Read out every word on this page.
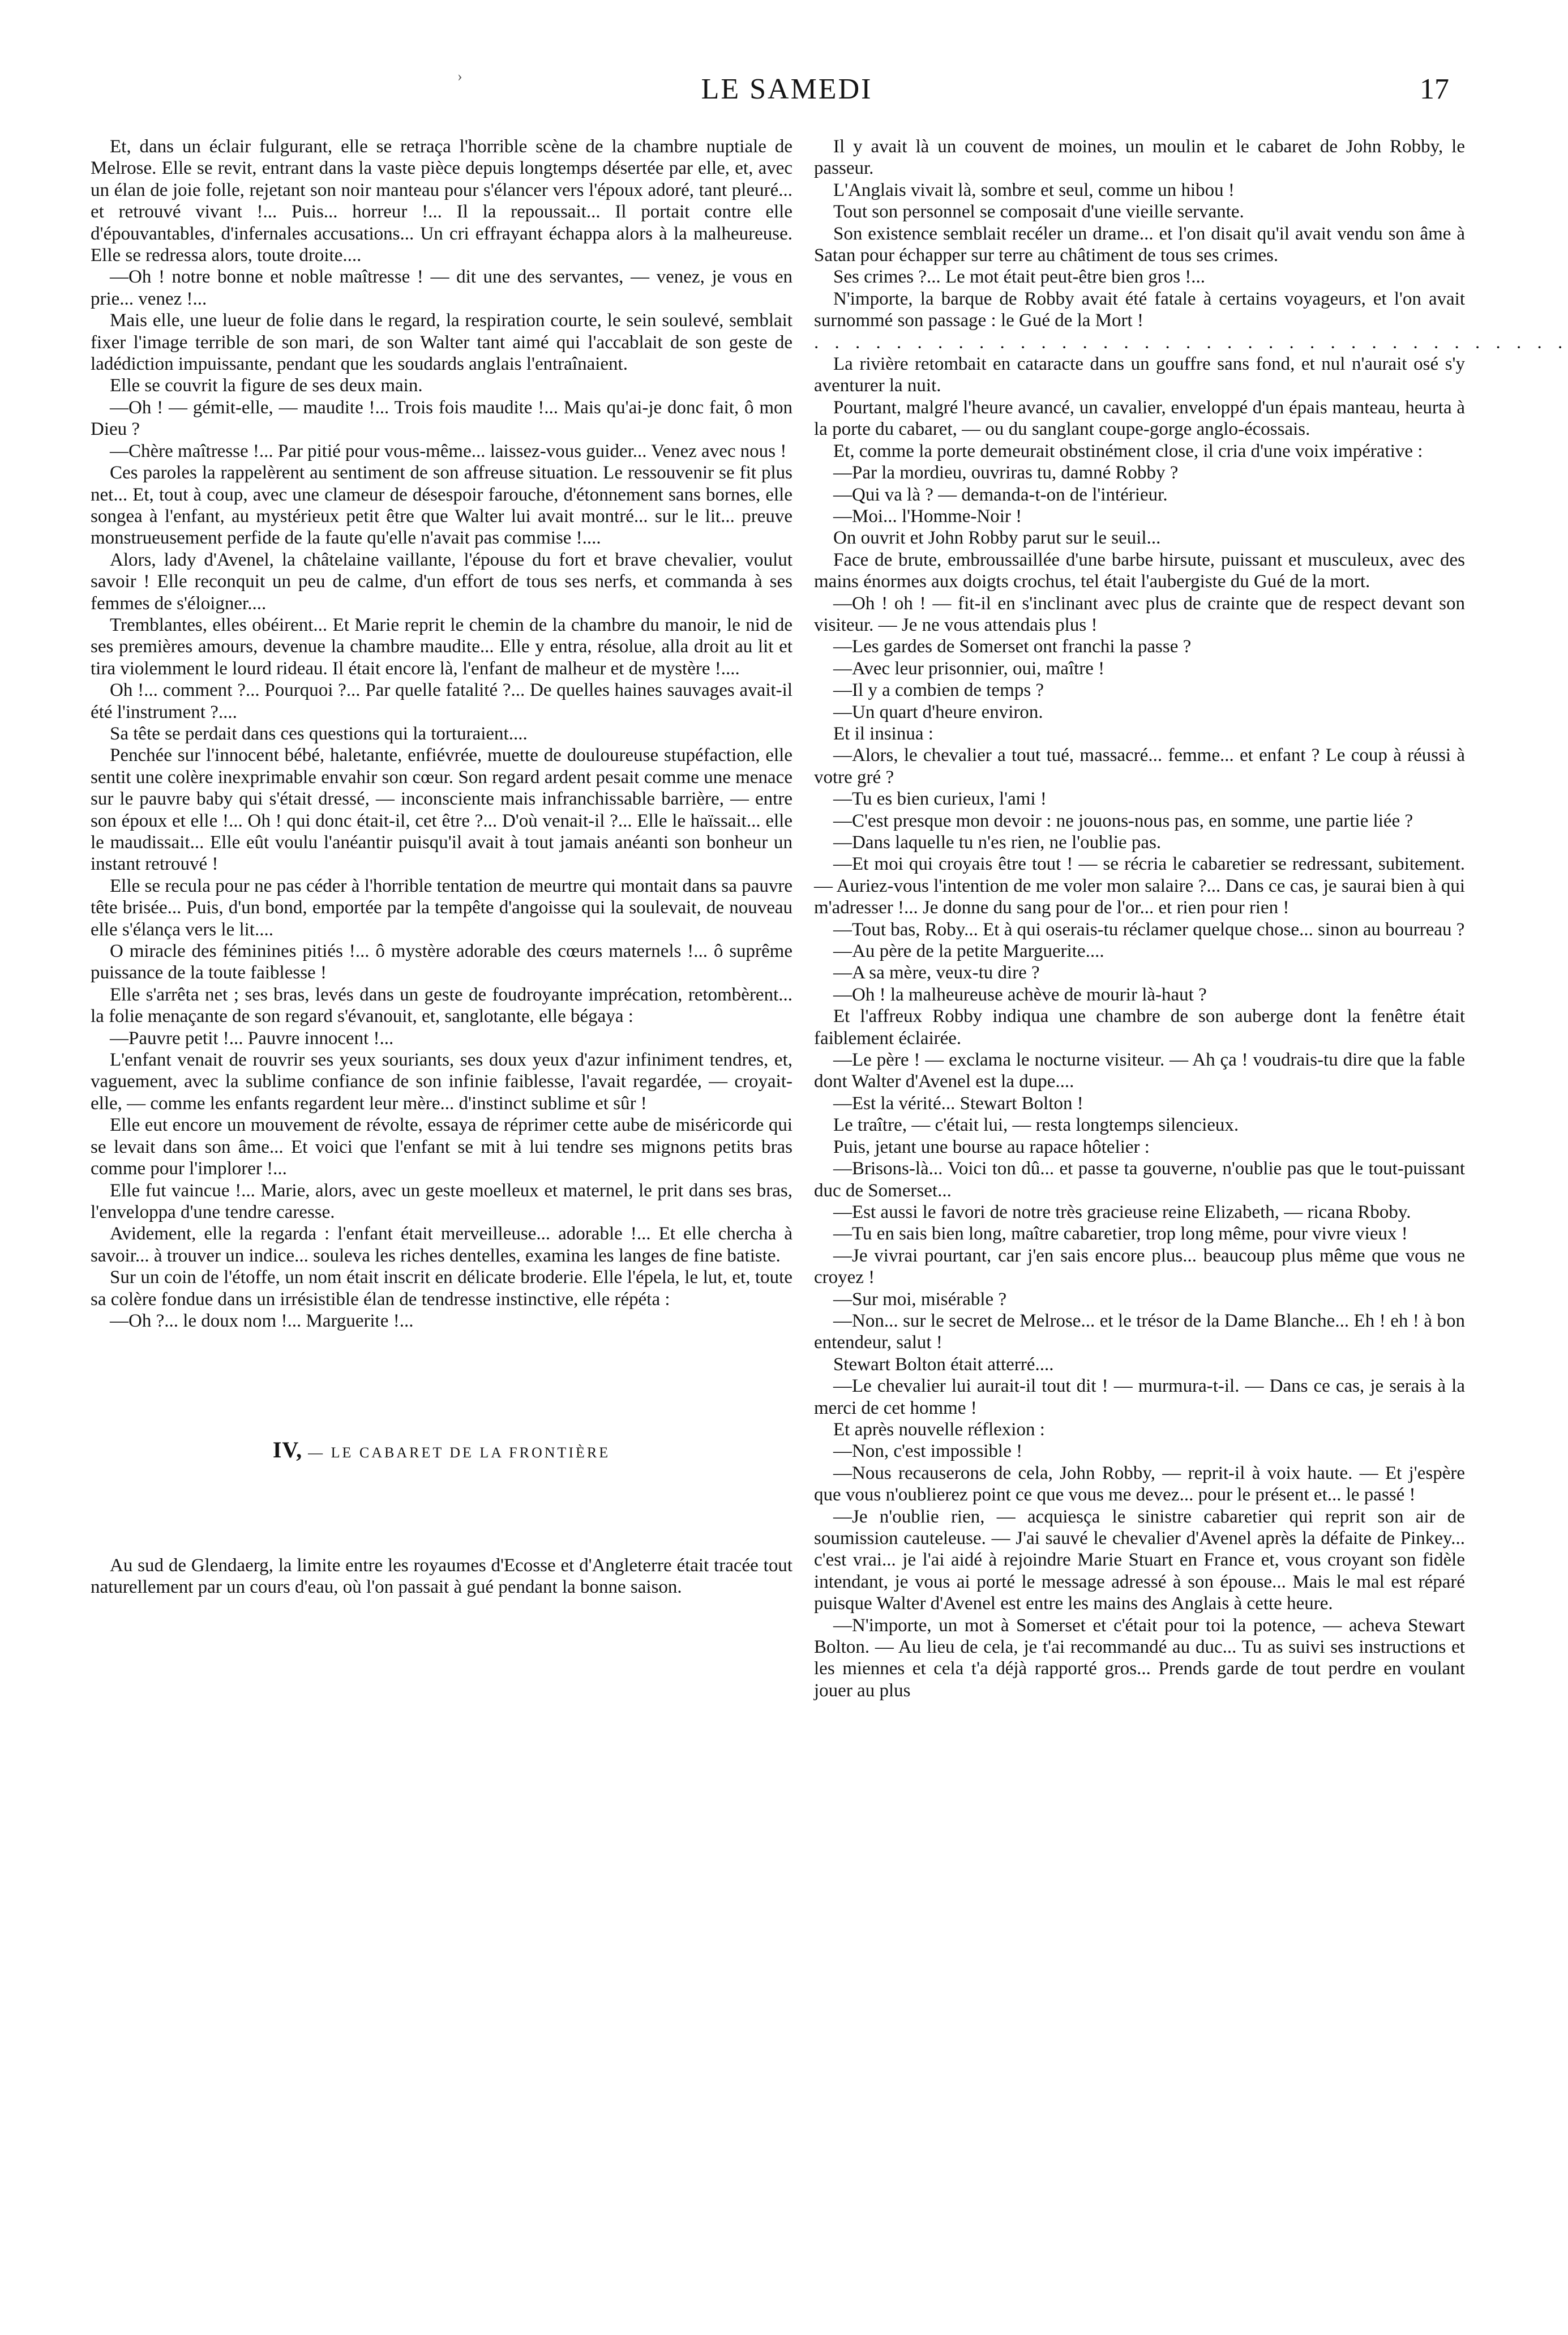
›	LE SAMEDI	17

Et, dans un éclair fulgurant, elle se retraça l'horrible scène de la chambre nuptiale de Melrose. Elle se revit, entrant dans la vaste pièce depuis longtemps désertée par elle, et, avec un élan de joie folle, rejetant son noir manteau pour s'élancer vers l'époux adoré, tant pleuré... et retrouvé vivant !... Puis... horreur !... Il la repoussait... Il portait contre elle d'épouvantables, d'infernales accusations... Un cri effrayant échappa alors à la malheureuse. Elle se redressa alors, toute droite....

—Oh ! notre bonne et noble maîtresse ! — dit une des servantes, — venez, je vous en prie... venez !...

Mais elle, une lueur de folie dans le regard, la respiration courte, le sein soulevé, semblait fixer l'image terrible de son mari, de son Walter tant aimé qui l'accablait de son geste de ladédiction impuissante, pendant que les soudards anglais l'entraînaient.

Elle se couvrit la figure de ses deux main.

—Oh ! — gémit-elle, — maudite !... Trois fois maudite !... Mais qu'ai-je donc fait, ô mon Dieu ?

—Chère maîtresse !... Par pitié pour vous-même... laissez-vous guider... Venez avec nous !

Ces paroles la rappelèrent au sentiment de son affreuse situation. Le ressouvenir se fit plus net... Et, tout à coup, avec une clameur de désespoir farouche, d'étonnement sans bornes, elle songea à l'enfant, au mystérieux petit être que Walter lui avait montré... sur le lit... preuve monstrueusement perfide de la faute qu'elle n'avait pas commise !....

Alors, lady d'Avenel, la châtelaine vaillante, l'épouse du fort et brave chevalier, voulut savoir ! Elle reconquit un peu de calme, d'un effort de tous ses nerfs, et commanda à ses femmes de s'éloigner....

Tremblantes, elles obéirent... Et Marie reprit le chemin de la chambre du manoir, le nid de ses premières amours, devenue la chambre maudite... Elle y entra, résolue, alla droit au lit et tira violemment le lourd rideau. Il était encore là, l'enfant de malheur et de mystère !....

Oh !... comment ?... Pourquoi ?... Par quelle fatalité ?... De quelles haines sauvages avait-il été l'instrument ?....

Sa tête se perdait dans ces questions qui la torturaient....

Penchée sur l'innocent bébé, haletante, enfiévrée, muette de douloureuse stupéfaction, elle sentit une colère inexprimable envahir son cœur. Son regard ardent pesait comme une menace sur le pauvre baby qui s'était dressé, — inconsciente mais infranchissable barrière, — entre son époux et elle !... Oh ! qui donc était-il, cet être ?... D'où venait-il ?... Elle le haïssait... elle le maudissait... Elle eût voulu l'anéantir puisqu'il avait à tout jamais anéanti son bonheur un instant retrouvé !

Elle se recula pour ne pas céder à l'horrible tentation de meurtre qui montait dans sa pauvre tête brisée... Puis, d'un bond, emportée par la tempête d'angoisse qui la soulevait, de nouveau elle s'élança vers le lit....

O miracle des féminines pitiés !... ô mystère adorable des cœurs maternels !... ô suprême puissance de la toute faiblesse !

Elle s'arrêta net ; ses bras, levés dans un geste de foudroyante imprécation, retombèrent... la folie menaçante de son regard s'évanouit, et, sanglotante, elle bégaya :

—Pauvre petit !... Pauvre innocent !...

L'enfant venait de rouvrir ses yeux souriants, ses doux yeux d'azur infiniment tendres, et, vaguement, avec la sublime confiance de son infinie faiblesse, l'avait regardée, — croyait-elle, — comme les enfants regardent leur mère... d'instinct sublime et sûr !

Elle eut encore un mouvement de révolte, essaya de réprimer cette aube de miséricorde qui se levait dans son âme... Et voici que l'enfant se mit à lui tendre ses mignons petits bras comme pour l'implorer !...

Elle fut vaincue !... Marie, alors, avec un geste moelleux et maternel, le prit dans ses bras, l'enveloppa d'une tendre caresse.

Avidement, elle la regarda : l'enfant était merveilleuse... adorable !... Et elle chercha à savoir... à trouver un indice... souleva les riches dentelles, examina les langes de fine batiste.

Sur un coin de l'étoffe, un nom était inscrit en délicate broderie. Elle l'épela, le lut, et, toute sa colère fondue dans un irrésistible élan de tendresse instinctive, elle répéta :

—Oh ?... le doux nom !... Marguerite !...

IV, — LE CABARET DE LA FRONTIÈRE

Au sud de Glendaerg, la limite entre les royaumes d'Ecosse et d'Angleterre était tracée tout naturellement par un cours d'eau, où l'on passait à gué pendant la bonne saison.

Il y avait là un couvent de moines, un moulin et le cabaret de John Robby, le passeur.

L'Anglais vivait là, sombre et seul, comme un hibou !

Tout son personnel se composait d'une vieille servante.

Son existence semblait recéler un drame... et l'on disait qu'il avait vendu son âme à Satan pour échapper sur terre au châtiment de tous ses crimes.

Ses crimes ?... Le mot était peut-être bien gros !...

N'importe, la barque de Robby avait été fatale à certains voyageurs, et l'on avait surnommé son passage : le Gué de la Mort !

. . . . . . . . . . . . . . . . . . . . . . . . . . . . . . . . . . . . .

La rivière retombait en cataracte dans un gouffre sans fond, et nul n'aurait osé s'y aventurer la nuit.

Pourtant, malgré l'heure avancé, un cavalier, enveloppé d'un épais manteau, heurta à la porte du cabaret, — ou du sanglant coupe-gorge anglo-écossais.

Et, comme la porte demeurait obstinément close, il cria d'une voix impérative :

—Par la mordieu, ouvriras tu, damné Robby ?

—Qui va là ? — demanda-t-on de l'intérieur.

—Moi... l'Homme-Noir !

On ouvrit et John Robby parut sur le seuil...

Face de brute, embroussaillée d'une barbe hirsute, puissant et musculeux, avec des mains énormes aux doigts crochus, tel était l'aubergiste du Gué de la mort.

—Oh ! oh ! — fit-il en s'inclinant avec plus de crainte que de respect devant son visiteur. — Je ne vous attendais plus !

—Les gardes de Somerset ont franchi la passe ?

—Avec leur prisonnier, oui, maître !

—Il y a combien de temps ?

—Un quart d'heure environ.

Et il insinua :

—Alors, le chevalier a tout tué, massacré... femme... et enfant ? Le coup à réussi à votre gré ?

—Tu es bien curieux, l'ami !

—C'est presque mon devoir : ne jouons-nous pas, en somme, une partie liée ?

—Dans laquelle tu n'es rien, ne l'oublie pas.

—Et moi qui croyais être tout ! — se récria le cabaretier se redressant, subitement. — Auriez-vous l'intention de me voler mon salaire ?... Dans ce cas, je saurai bien à qui m'adresser !... Je donne du sang pour de l'or... et rien pour rien !

—Tout bas, Roby... Et à qui oserais-tu réclamer quelque chose... sinon au bourreau ?

—Au père de la petite Marguerite....

—A sa mère, veux-tu dire ?

—Oh ! la malheureuse achève de mourir là-haut ?

Et l'affreux Robby indiqua une chambre de son auberge dont la fenêtre était faiblement éclairée.

—Le père ! — exclama le nocturne visiteur. — Ah ça ! voudrais-tu dire que la fable dont Walter d'Avenel est la dupe....

—Est la vérité... Stewart Bolton !

Le traître, — c'était lui, — resta longtemps silencieux.

Puis, jetant une bourse au rapace hôtelier :

—Brisons-là... Voici ton dû... et passe ta gouverne, n'oublie pas que le tout-puissant duc de Somerset...

—Est aussi le favori de notre très gracieuse reine Elizabeth, — ricana Rboby.

—Tu en sais bien long, maître cabaretier, trop long même, pour vivre vieux !

—Je vivrai pourtant, car j'en sais encore plus... beaucoup plus même que vous ne croyez !

—Sur moi, misérable ?

—Non... sur le secret de Melrose... et le trésor de la Dame Blanche... Eh ! eh ! à bon entendeur, salut !

Stewart Bolton était atterré....

—Le chevalier lui aurait-il tout dit ! — murmura-t-il. — Dans ce cas, je serais à la merci de cet homme !

Et après nouvelle réflexion :

—Non, c'est impossible !

—Nous recauserons de cela, John Robby, — reprit-il à voix haute. — Et j'espère que vous n'oublierez point ce que vous me devez... pour le présent et... le passé !

—Je n'oublie rien, — acquiesça le sinistre cabaretier qui reprit son air de soumission cauteleuse. — J'ai sauvé le chevalier d'Avenel après la défaite de Pinkey... c'est vrai... je l'ai aidé à rejoindre Marie Stuart en France et, vous croyant son fidèle intendant, je vous ai porté le message adressé à son épouse... Mais le mal est réparé puisque Walter d'Avenel est entre les mains des Anglais à cette heure.

—N'importe, un mot à Somerset et c'était pour toi la potence, — acheva Stewart Bolton. — Au lieu de cela, je t'ai recommandé au duc... Tu as suivi ses instructions et les miennes et cela t'a déjà rapporté gros... Prends garde de tout perdre en voulant jouer au plus
